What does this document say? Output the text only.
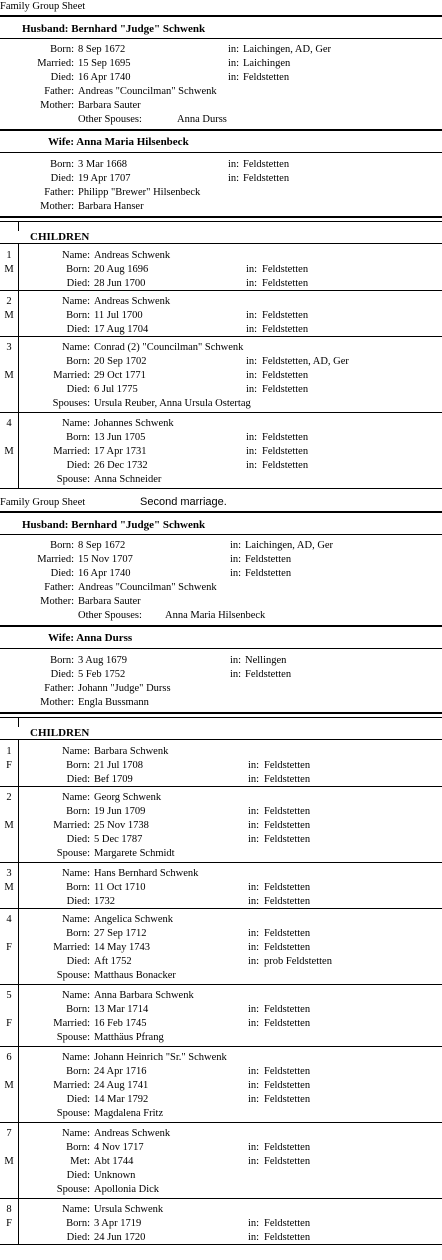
Family Group Sheet
Husband: Bernhard "Judge" Schwenk
Born: 8 Sep 1672	in: Laichingen, AD, Ger
Married: 15 Sep 1695	in: Laichingen
Died: 16 Apr 1740	in: Feldstetten
Father: Andreas "Councilman" Schwenk
Mother: Barbara Sauter
Other Spouses:	Anna Durss
Wife: Anna Maria Hilsenbeck
Born: 3 Mar 1668	in: Feldstetten
Died: 19 Apr 1707	in: Feldstetten
Father: Philipp "Brewer" Hilsenbeck
Mother: Barbara Hanser
CHILDREN
1
M
Name: Andreas Schwenk
Born: 20 Aug 1696	in: Feldstetten
Died: 28 Jun 1700	in: Feldstetten
2
M
Name: Andreas Schwenk
Born: 11 Jul 1700	in: Feldstetten
Died: 17 Aug 1704	in: Feldstetten
3
M
Name: Conrad (2) "Councilman" Schwenk
Born: 20 Sep 1702	in: Feldstetten, AD, Ger
Married: 29 Oct 1771	in: Feldstetten
Died: 6 Jul 1775	in: Feldstetten
Spouses: Ursula Reuber, Anna Ursula Ostertag
4
M
Name: Johannes Schwenk
Born: 13 Jun 1705	in: Feldstetten
Married: 17 Apr 1731	in: Feldstetten
Died: 26 Dec 1732	in: Feldstetten
Spouse: Anna Schneider
Family Group Sheet	Second marriage.
Husband: Bernhard "Judge" Schwenk
Born: 8 Sep 1672	in: Laichingen, AD, Ger
Married: 15 Nov 1707	in: Feldstetten
Died: 16 Apr 1740	in: Feldstetten
Father: Andreas "Councilman" Schwenk
Mother: Barbara Sauter
Other Spouses: Anna Maria Hilsenbeck
Wife: Anna Durss
Born: 3 Aug 1679	in: Nellingen
Died: 5 Feb 1752	in: Feldstetten
Father: Johann "Judge" Durss
Mother: Engla Bussmann
CHILDREN
1
F
Name: Barbara Schwenk
Born: 21 Jul 1708	in: Feldstetten
Died: Bef 1709	in: Feldstetten
2
M
Name: Georg Schwenk
Born: 19 Jun 1709	in: Feldstetten
Married: 25 Nov 1738	in: Feldstetten
Died: 5 Dec 1787	in: Feldstetten
Spouse: Margarete Schmidt
3
M
Name: Hans Bernhard Schwenk
Born: 11 Oct 1710	in: Feldstetten
Died: 1732	in: Feldstetten
4
F
Name: Angelica Schwenk
Born: 27 Sep 1712	in: Feldstetten
Married: 14 May 1743	in: Feldstetten
Died: Aft 1752	in: prob Feldstetten
Spouse: Matthaus Bonacker
5
F
Name: Anna Barbara Schwenk
Born: 13 Mar 1714	in: Feldstetten
Married: 16 Feb 1745	in: Feldstetten
Spouse: Matthäus Pfrang
6
M
Name: Johann Heinrich "Sr." Schwenk
Born: 24 Apr 1716	in: Feldstetten
Married: 24 Aug 1741	in: Feldstetten
Died: 14 Mar 1792	in: Feldstetten
Spouse: Magdalena Fritz
7
M
Name: Andreas Schwenk
Born: 4 Nov 1717	in: Feldstetten
Met: Abt 1744	in: Feldstetten
Died: Unknown
Spouse: Apollonia Dick
8
F
Name: Ursula Schwenk
Born: 3 Apr 1719	in: Feldstetten
Died: 24 Jun 1720	in: Feldstetten
